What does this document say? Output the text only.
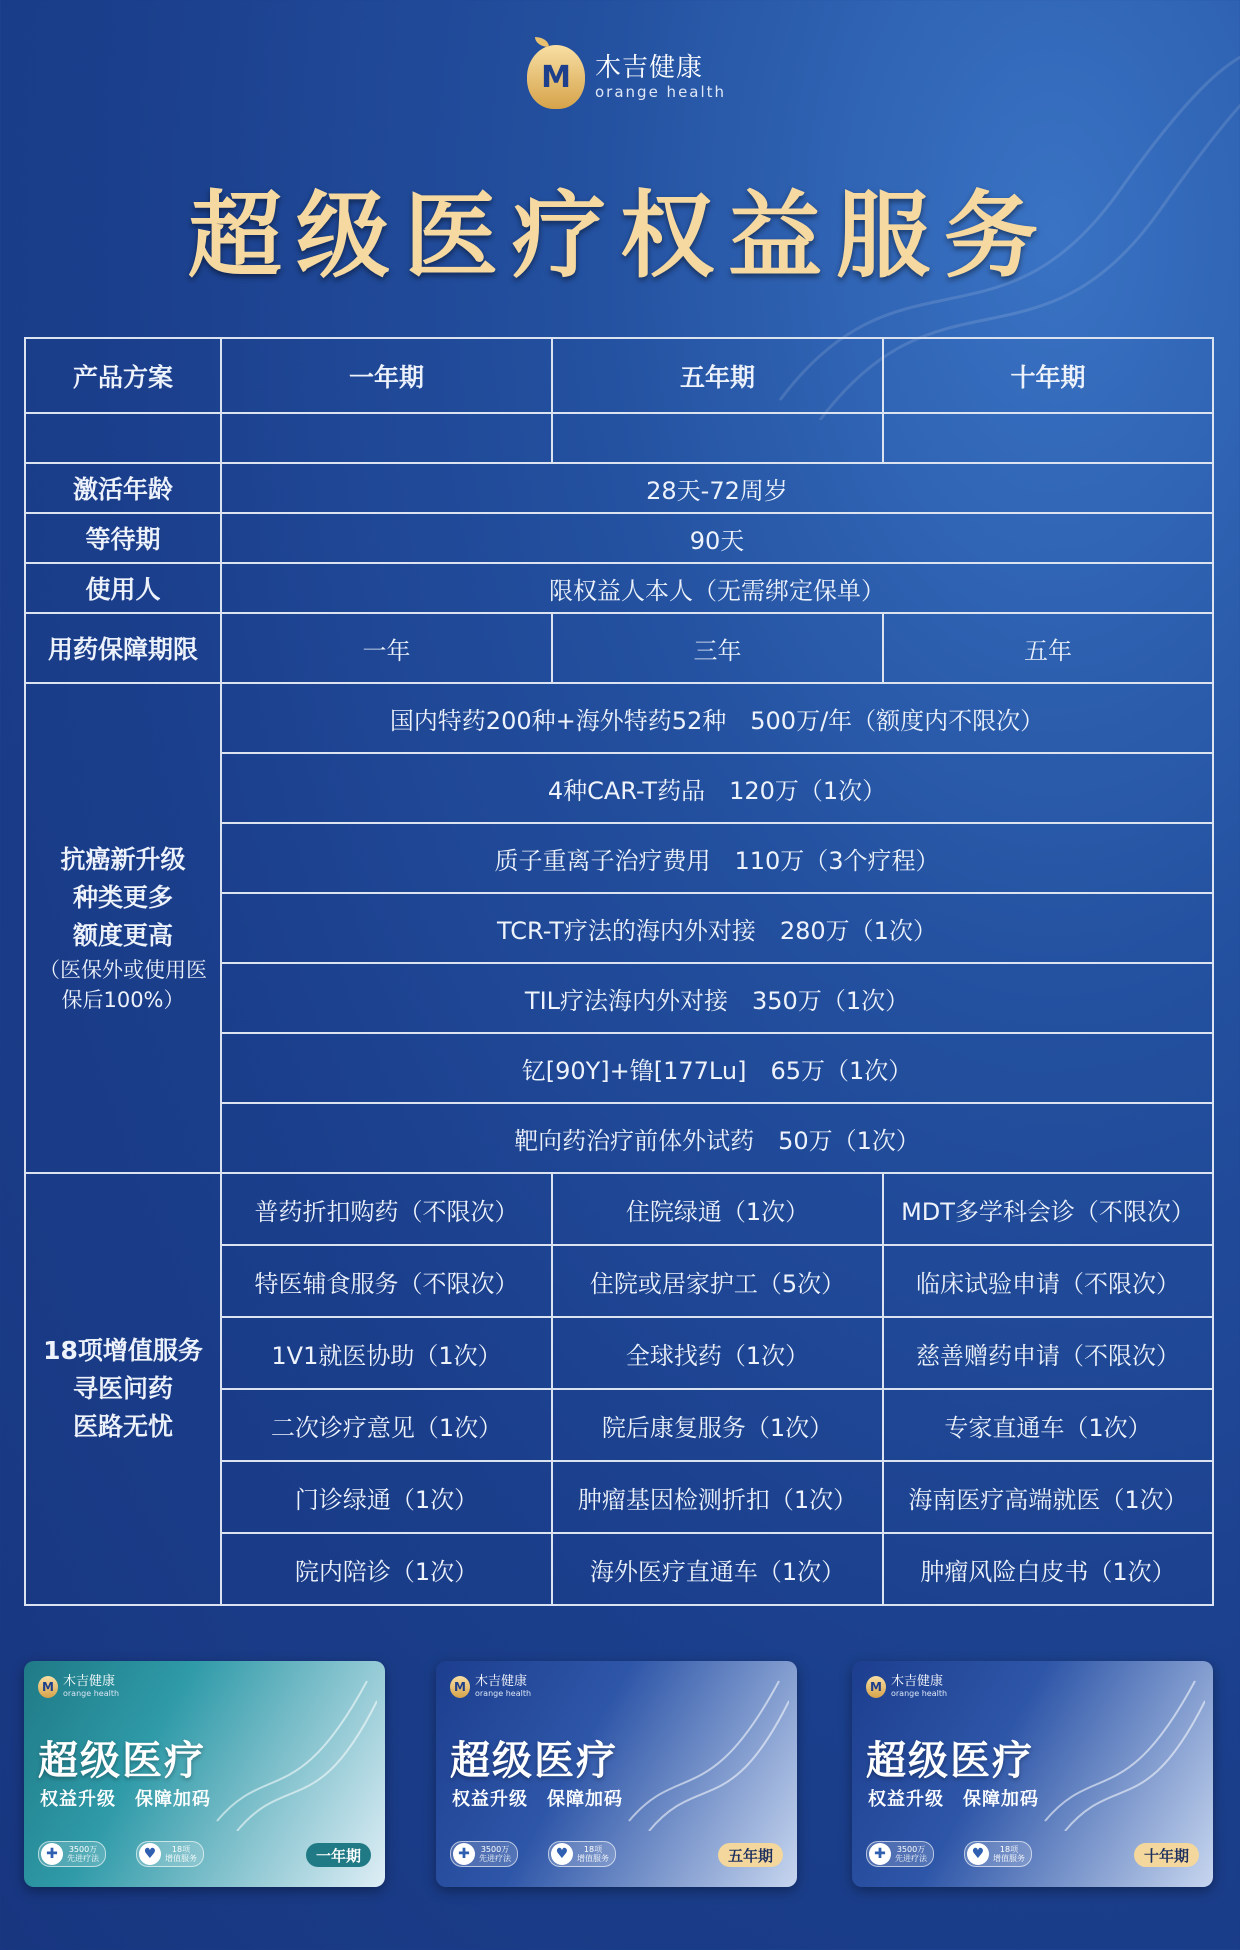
M 木吉健康
orange health
超级医疗权益服务
产品方案	一年期	五年期	十年期

激活年龄	28天-72周岁		
等待期	90天		
使用人	限权益人本人（无需绑定保单）		
用药保障期限	一年	三年	五年

抗癌新升级
种类更多
额度更高
（医保外或使用医保后100%）	国内特药200种+海外特药52种　500万/年（额度内不限次）		
	4种CAR-T药品　120万（1次）		
	质子重离子治疗费用　110万（3个疗程）		
	TCR-T疗法的海内外对接　280万（1次）		
	TIL疗法海内外对接　350万（1次）		
	钇[90Y]+镥[177Lu]　65万（1次）		
	靶向药治疗前体外试药　50万（1次）		

18项增值服务
寻医问药
医路无忧	普药折扣购药（不限次）	住院绿通（1次）	MDT多学科会诊（不限次）
	特医辅食服务（不限次）	住院或居家护工（5次）	临床试验申请（不限次）
	1V1就医协助（1次）	全球找药（1次）	慈善赠药申请（不限次）
	二次诊疗意见（1次）	院后康复服务（1次）	专家直通车（1次）
	门诊绿通（1次）	肿瘤基因检测折扣（1次）	海南医疗高端就医（1次）
	院内陪诊（1次）	海外医疗直通车（1次）	肿瘤风险白皮书（1次）
M 木吉健康
orange health
超级医疗
权益升级　保障加码
✚	3500万
先进疗法	♥	18项
增值服务	一年期
M 木吉健康
orange health
超级医疗
权益升级　保障加码
✚	3500万
先进疗法	♥	18项
增值服务	五年期
M 木吉健康
orange health
超级医疗
权益升级　保障加码
✚	3500万
先进疗法	♥	18项
增值服务	十年期
